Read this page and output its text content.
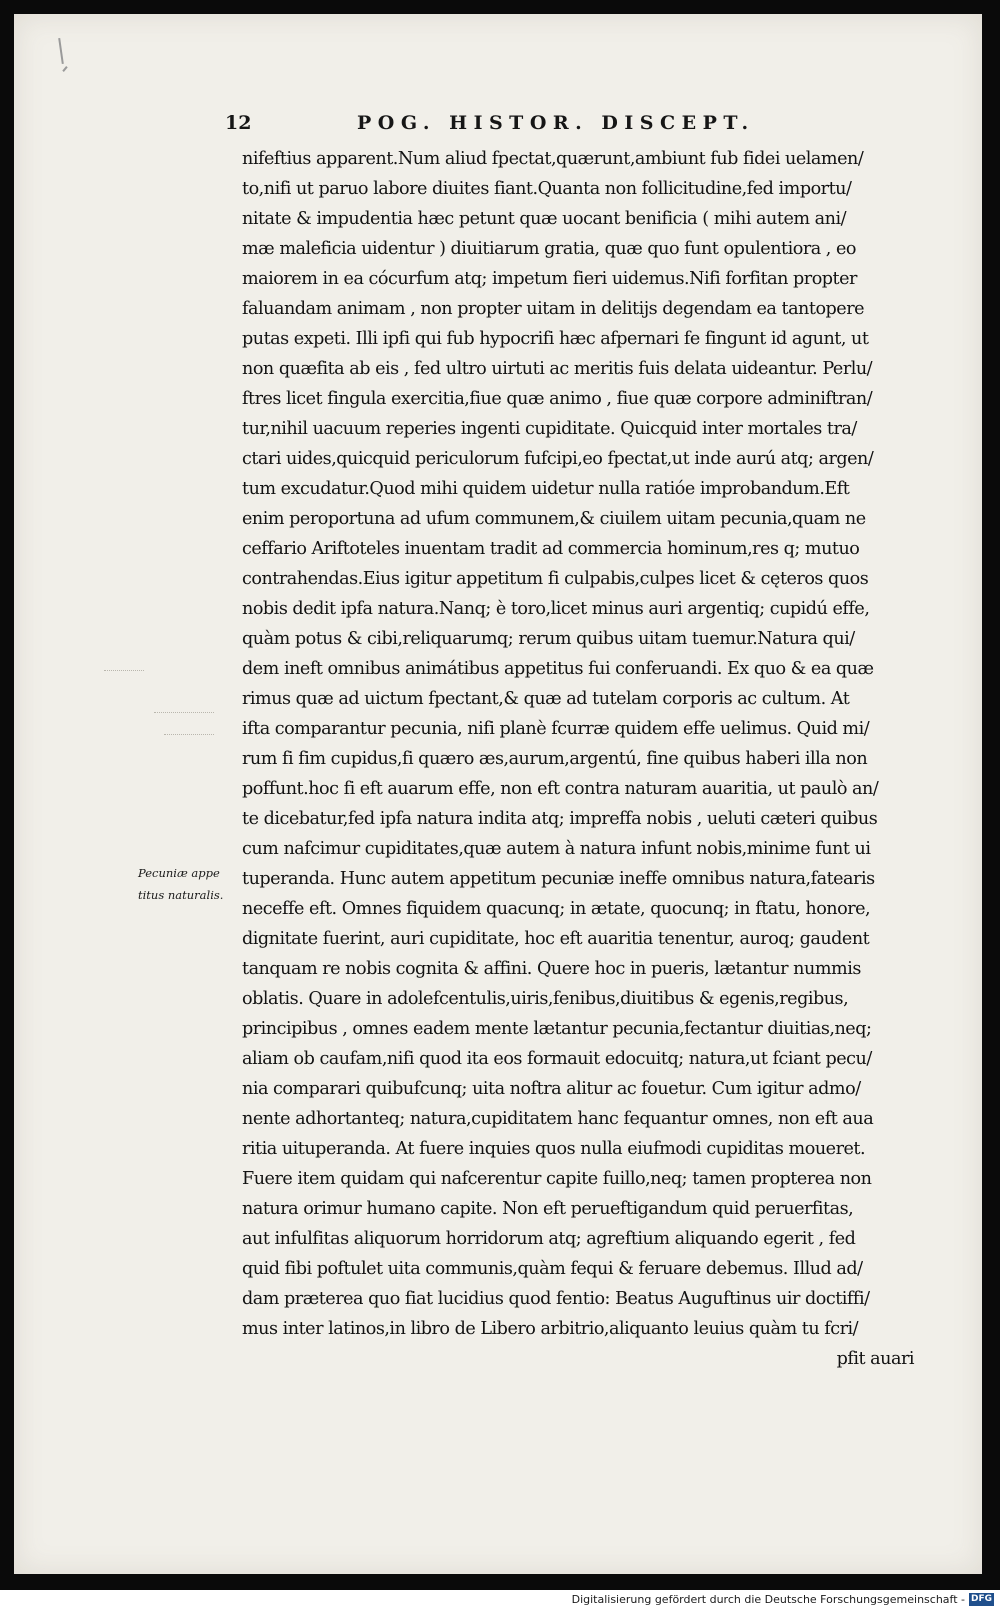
12	POG. HISTOR. DISCEPT.
nifeftius apparent.Num aliud fpectat,quærunt,ambiunt fub fidei uelamen/
to,nifi ut paruo labore diuites fiant.Quanta non follicitudine,fed importu/
nitate & impudentia hæc petunt quæ uocant benificia ( mihi autem ani/
mæ maleficia uidentur ) diuitiarum gratia, quæ quo funt opulentiora , eo
maiorem in ea cócurfum atq; impetum fieri uidemus.Nifi forfitan propter
faluandam animam , non propter uitam in delitijs degendam ea tantopere
putas expeti. Illi ipfi qui fub hypocrifi hæc afpernari fe fingunt id agunt, ut
non quæfita ab eis , fed ultro uirtuti ac meritis fuis delata uideantur. Perlu/
ftres licet fingula exercitia,fiue quæ animo , fiue quæ corpore adminiftran/
tur,nihil uacuum reperies ingenti cupiditate. Quicquid inter mortales tra/
ctari uides,quicquid periculorum fufcipi,eo fpectat,ut inde aurú atq; argen/
tum excudatur.Quod mihi quidem uidetur nulla ratióe improbandum.Eft
enim peroportuna ad ufum communem,& ciuilem uitam pecunia,quam ne
ceffario Ariftoteles inuentam tradit ad commercia hominum,res q; mutuo
contrahendas.Eius igitur appetitum fi culpabis,culpes licet & cęteros quos
nobis dedit ipfa natura.Nanq; è toro,licet minus auri argentiq; cupidú effe,
quàm potus & cibi,reliquarumq; rerum quibus uitam tuemur.Natura qui/
dem ineft omnibus animátibus appetitus fui conferuandi. Ex quo & ea quæ
rimus quæ ad uictum fpectant,& quæ ad tutelam corporis ac cultum. At
ifta comparantur pecunia, nifi planè fcurræ quidem effe uelimus. Quid mi/
rum fi fim cupidus,fi quæro æs,aurum,argentú, fine quibus haberi illa non
poffunt.hoc fi eft auarum effe, non eft contra naturam auaritia, ut paulò an/
te dicebatur,fed ipfa natura indita atq; impreffa nobis , ueluti cæteri quibus
cum nafcimur cupiditates,quæ autem à natura infunt nobis,minime funt ui
tuperanda. Hunc autem appetitum pecuniæ ineffe omnibus natura,fatearis
neceffe eft. Omnes fiquidem quacunq; in ætate, quocunq; in ftatu, honore,
dignitate fuerint, auri cupiditate, hoc eft auaritia tenentur, auroq; gaudent
tanquam re nobis cognita & affini. Quere hoc in pueris, lætantur nummis
oblatis. Quare in adolefcentulis,uiris,fenibus,diuitibus & egenis,regibus,
principibus , omnes eadem mente lætantur pecunia,fectantur diuitias,neq;
aliam ob caufam,nifi quod ita eos formauit edocuitq; natura,ut fciant pecu/
nia comparari quibufcunq; uita noftra alitur ac fouetur. Cum igitur admo/
nente adhortanteq; natura,cupiditatem hanc fequantur omnes, non eft aua
ritia uituperanda. At fuere inquies quos nulla eiufmodi cupiditas moueret.
Fuere item quidam qui nafcerentur capite fuillo,neq; tamen propterea non
natura orimur humano capite. Non eft perueftigandum quid peruerfitas,
aut infulfitas aliquorum horridorum atq; agreftium aliquando egerit , fed
quid fibi poftulet uita communis,quàm fequi & feruare debemus. Illud ad/
dam præterea quo fiat lucidius quod fentio: Beatus Auguftinus uir doctiffi/
mus inter latinos,in libro de Libero arbitrio,aliquanto leuius quàm tu fcri/
pfit auari
Pecuniæ appe
titus naturalis.
Digitalisierung gefördert durch die Deutsche Forschungsgemeinschaft - DFG
